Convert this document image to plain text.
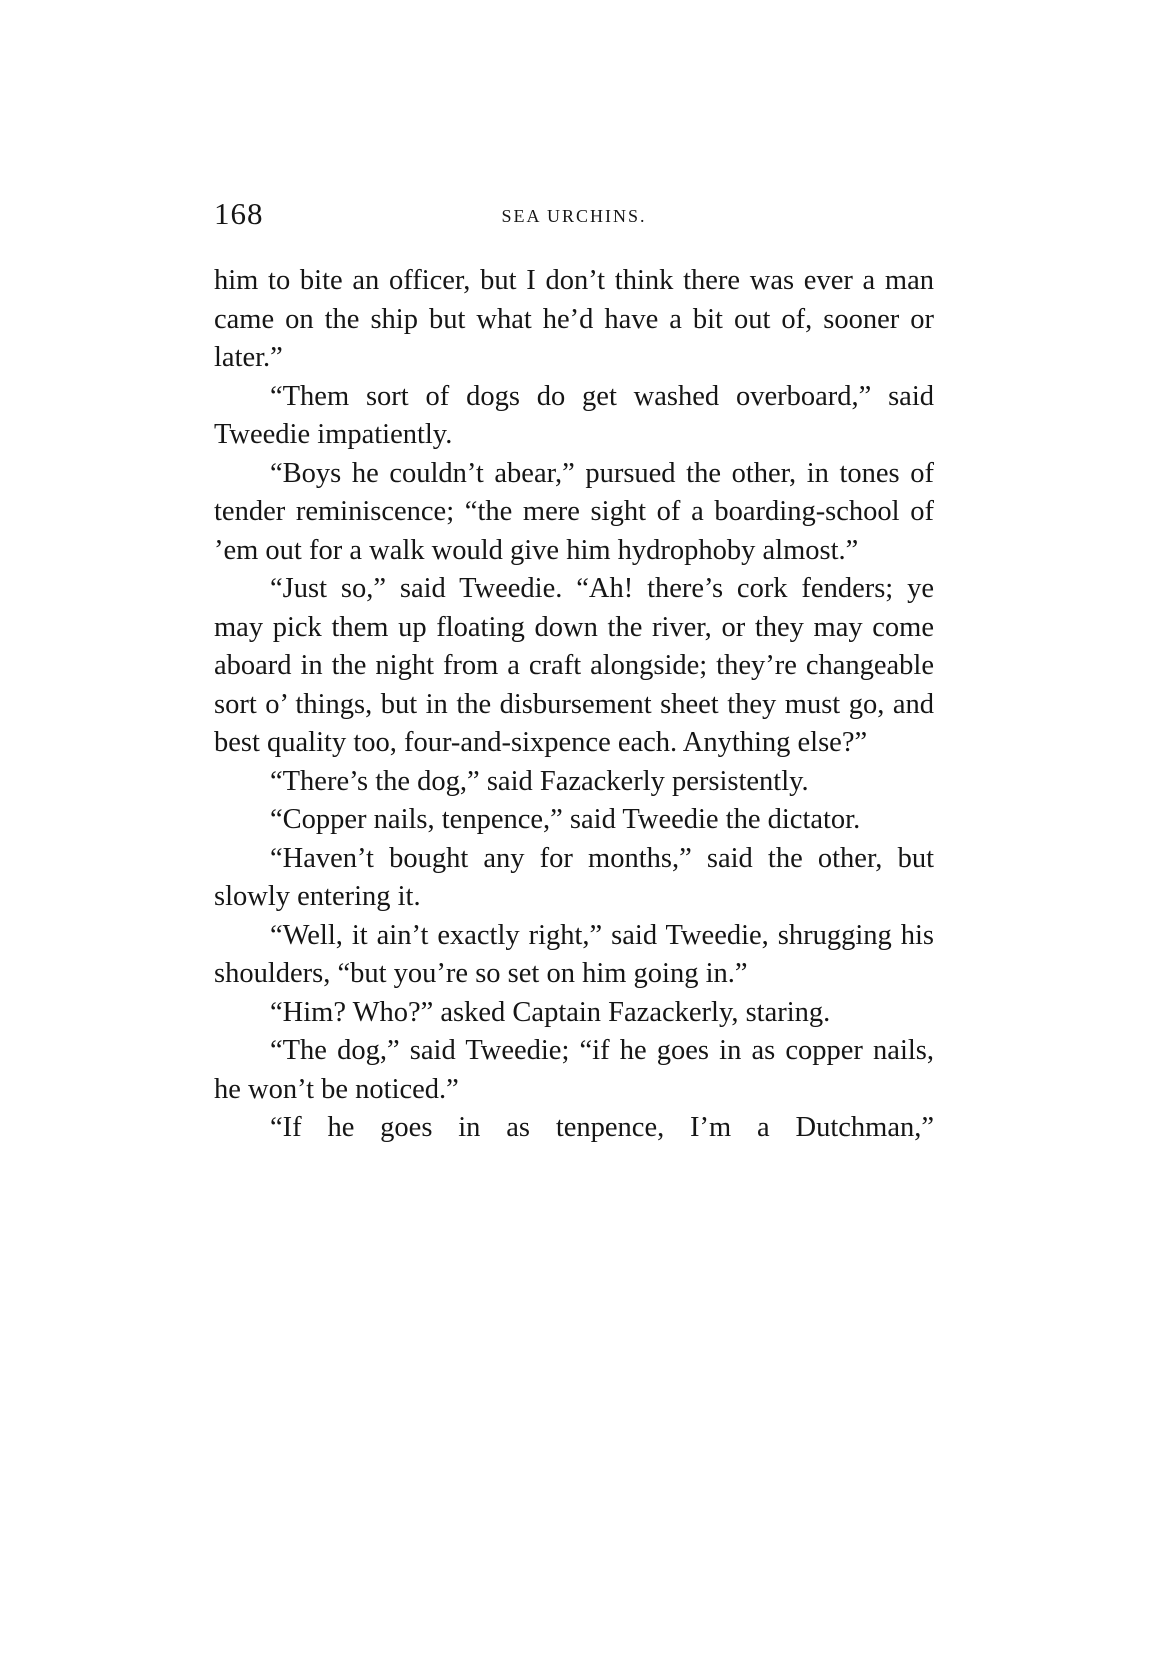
168	SEA URCHINS.

him to bite an officer, but I don’t think there was ever a man came on the ship but what he’d have a bit out of, sooner or later.”

“Them sort of dogs do get washed overboard,” said Tweedie impatiently.

“Boys he couldn’t abear,” pursued the other, in tones of tender reminiscence; “the mere sight of a boarding-school of ’em out for a walk would give him hydrophoby almost.”

“Just so,” said Tweedie. “Ah! there’s cork fenders; ye may pick them up floating down the river, or they may come aboard in the night from a craft alongside; they’re changeable sort o’ things, but in the disbursement sheet they must go, and best quality too, four-and-sixpence each. Anything else?”

“There’s the dog,” said Fazackerly persistently.

“Copper nails, tenpence,” said Tweedie the dictator.

“Haven’t bought any for months,” said the other, but slowly entering it.

“Well, it ain’t exactly right,” said Tweedie, shrugging his shoulders, “but you’re so set on him going in.”

“Him? Who?” asked Captain Fazackerly, staring.

“The dog,” said Tweedie; “if he goes in as copper nails, he won’t be noticed.”

“If he goes in as tenpence, I’m a Dutchman,”
